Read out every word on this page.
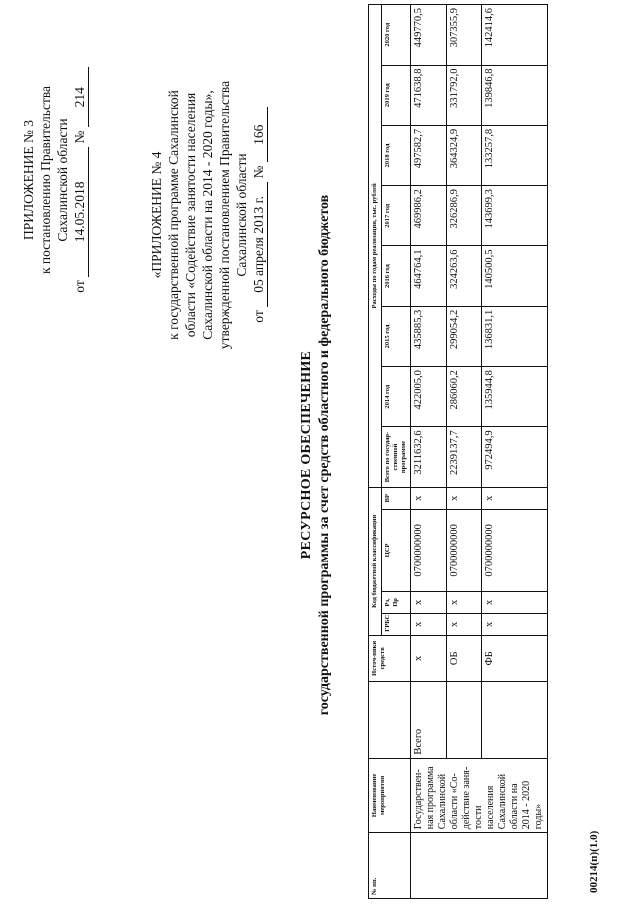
ПРИЛОЖЕНИЕ № 3 к постановлению Правительства Сахалинской области
от 14.05.2018 № 214
«ПРИЛОЖЕНИЕ № 4 к государственной программе Сахалинской области «Содействие занятости населения Сахалинской области на 2014 - 2020 годы», утвержденной постановлением Правительства Сахалинской области
от 05 апреля 2013 г. № 166
РЕСУРСНОЕ ОБЕСПЕЧЕНИЕ государственной программы за счет средств областного и федерального бюджетов
№ пп.	Наименование мероприятия		Источ-ники средств	Код бюджетной классификации				Расходы по годам реализации, тыс. рублей							
				ГРБС	Рз, Пр	ЦСР	ВР	Всего по государ-ственной программе	2014 год	2015 год	2016 год	2017 год	2018 год	2019 год	2020 год
	Государствен-ная программа Сахалинской области «Со-действие заня-тости населения Сахалинской области на 2014 - 2020 годы»	Всего	х	х	х	0700000000	х	3211632,6	422005,0	435885,3	464764,1	469986,2	497582,7	471638,8	449770,5
			ОБ	х	х	0700000000	х	2239137,7	286060,2	299054,2	324263,6	326286,9	364324,9	331792,0	307355,9
			ФБ	х	х	0700000000	х	972494,9	135944,8	136831,1	140500,5	143699,3	133257,8	139846,8	142414,6
00214(п)(1.0)
